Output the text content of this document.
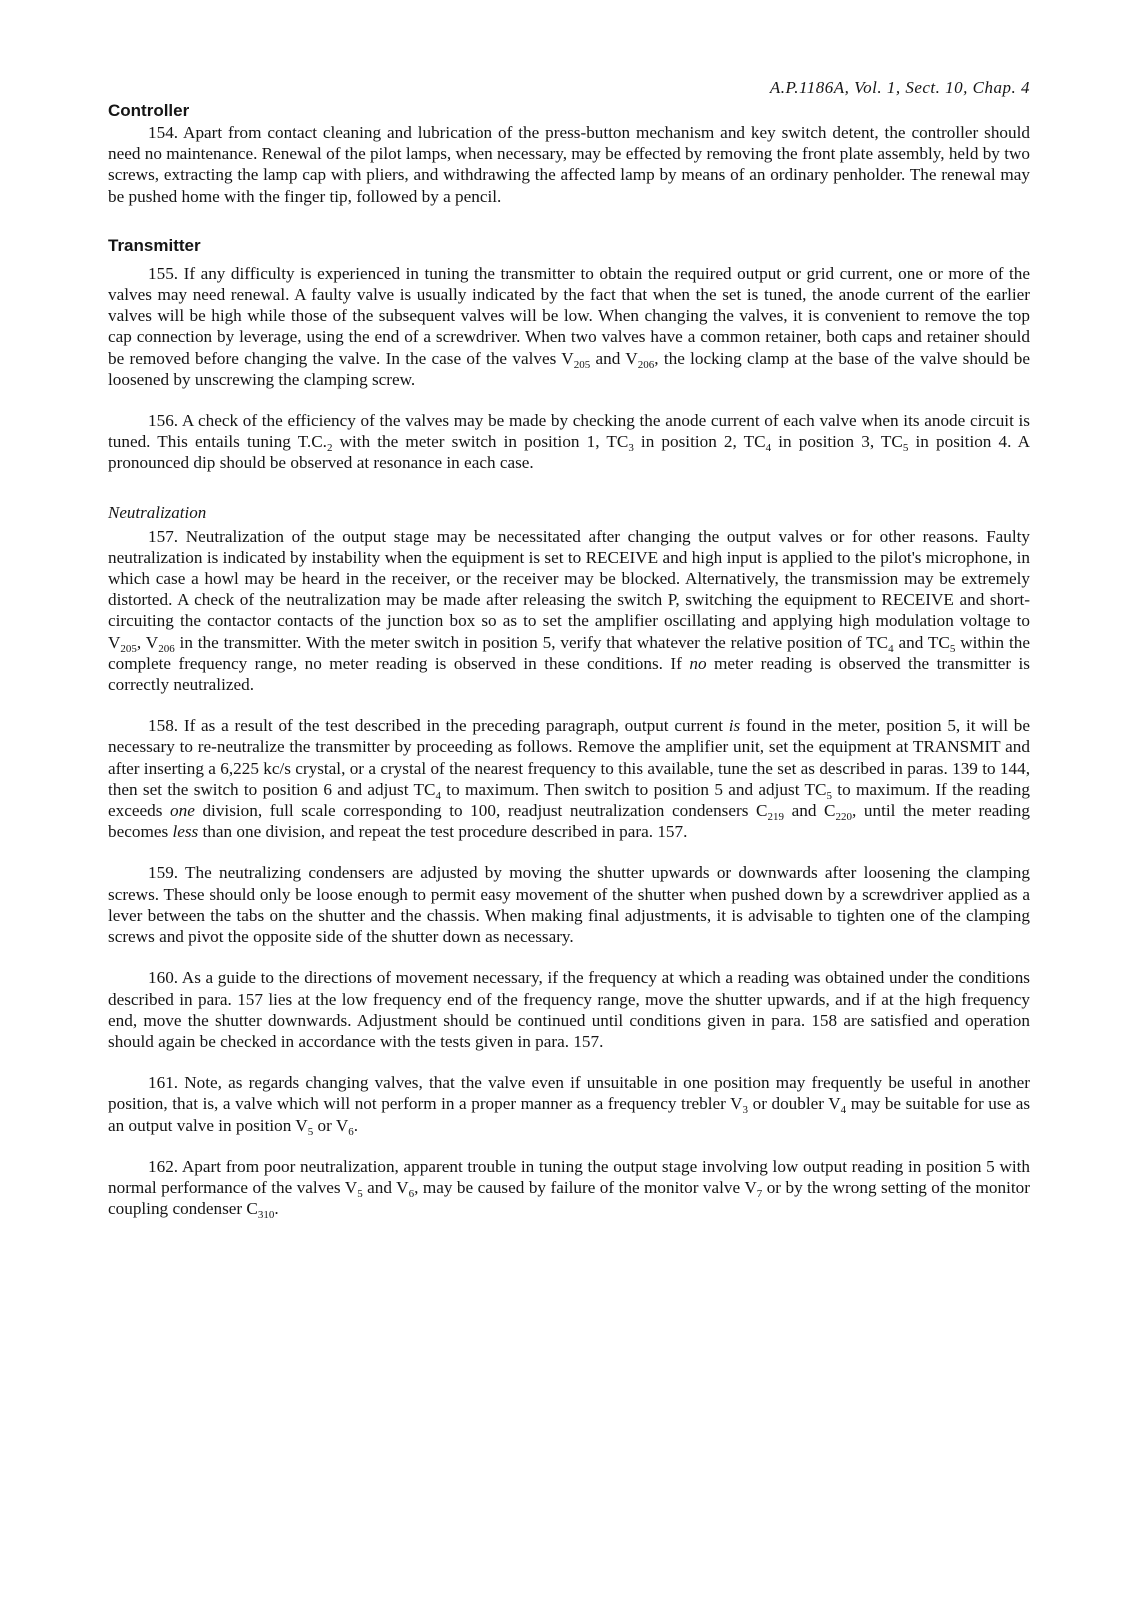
A.P.1186A, Vol. 1, Sect. 10, Chap. 4
Controller

154. Apart from contact cleaning and lubrication of the press-button mechanism and key switch detent, the controller should need no maintenance. Renewal of the pilot lamps, when necessary, may be effected by removing the front plate assembly, held by two screws, extracting the lamp cap with pliers, and withdrawing the affected lamp by means of an ordinary penholder. The renewal may be pushed home with the finger tip, followed by a pencil.

Transmitter

155. If any difficulty is experienced in tuning the transmitter to obtain the required output or grid current, one or more of the valves may need renewal. A faulty valve is usually indicated by the fact that when the set is tuned, the anode current of the earlier valves will be high while those of the subsequent valves will be low. When changing the valves, it is convenient to remove the top cap connection by leverage, using the end of a screwdriver. When two valves have a common retainer, both caps and retainer should be removed before changing the valve. In the case of the valves $V_{205}$ and $V_{206}$, the locking clamp at the base of the valve should be loosened by unscrewing the clamping screw.

156. A check of the efficiency of the valves may be made by checking the anode current of each valve when its anode circuit is tuned. This entails tuning $T.C._2$ with the meter switch in position 1, $TC_3$ in position 2, $TC_4$ in position 3, $TC_5$ in position 4. A pronounced dip should be observed at resonance in each case.

Neutralization

157. Neutralization of the output stage may be necessitated after changing the output valves or for other reasons. Faulty neutralization is indicated by instability when the equipment is set to RECEIVE and high input is applied to the pilot's microphone, in which case a howl may be heard in the receiver, or the receiver may be blocked. Alternatively, the transmission may be extremely distorted. A check of the neutralization may be made after releasing the switch P, switching the equipment to RECEIVE and short-circuiting the contactor contacts of the junction box so as to set the amplifier oscillating and applying high modulation voltage to $V_{205}$, $V_{206}$ in the transmitter. With the meter switch in position 5, verify that whatever the relative position of $TC_4$ and $TC_5$ within the complete frequency range, no meter reading is observed in these conditions. If no meter reading is observed the transmitter is correctly neutralized.

158. If as a result of the test described in the preceding paragraph, output current is found in the meter, position 5, it will be necessary to re-neutralize the transmitter by proceeding as follows. Remove the amplifier unit, set the equipment at TRANSMIT and after inserting a 6,225 kc/s crystal, or a crystal of the nearest frequency to this available, tune the set as described in paras. 139 to 144, then set the switch to position 6 and adjust $TC_4$ to maximum. Then switch to position 5 and adjust $TC_5$ to maximum. If the reading exceeds one division, full scale corresponding to 100, readjust neutralization condensers $C_{219}$ and $C_{220}$, until the meter reading becomes less than one division, and repeat the test procedure described in para. 157.

159. The neutralizing condensers are adjusted by moving the shutter upwards or downwards after loosening the clamping screws. These should only be loose enough to permit easy movement of the shutter when pushed down by a screwdriver applied as a lever between the tabs on the shutter and the chassis. When making final adjustments, it is advisable to tighten one of the clamping screws and pivot the opposite side of the shutter down as necessary.

160. As a guide to the directions of movement necessary, if the frequency at which a reading was obtained under the conditions described in para. 157 lies at the low frequency end of the frequency range, move the shutter upwards, and if at the high frequency end, move the shutter downwards. Adjustment should be continued until conditions given in para. 158 are satisfied and operation should again be checked in accordance with the tests given in para. 157.

161. Note, as regards changing valves, that the valve even if unsuitable in one position may frequently be useful in another position, that is, a valve which will not perform in a proper manner as a frequency trebler $V_3$ or doubler $V_4$ may be suitable for use as an output valve in position $V_5$ or $V_6$.

162. Apart from poor neutralization, apparent trouble in tuning the output stage involving low output reading in position 5 with normal performance of the valves $V_5$ and $V_6$, may be caused by failure of the monitor valve $V_7$ or by the wrong setting of the monitor coupling condenser $C_{310}$.
